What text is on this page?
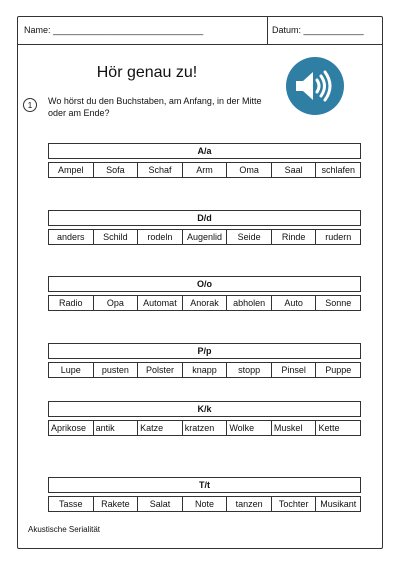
Name: ______________________________	Datum: ____________
Hör genau zu!
1	Wo hörst du den Buchstaben, am Anfang, in der Mitte oder am Ende?
A/a
Ampel	Sofa	Schaf	Arm	Oma	Saal	schlafen
D/d
anders	Schild	rodeln	Augenlid	Seide	Rinde	rudern
O/o
Radio	Opa	Automat	Anorak	abholen	Auto	Sonne
P/p
Lupe	pusten	Polster	knapp	stopp	Pinsel	Puppe
K/k
Aprikose	antik	Katze	kratzen	Wolke	Muskel	Kette
T/t
Tasse	Rakete	Salat	Note	tanzen	Tochter	Musikant
Akustische Serialität
